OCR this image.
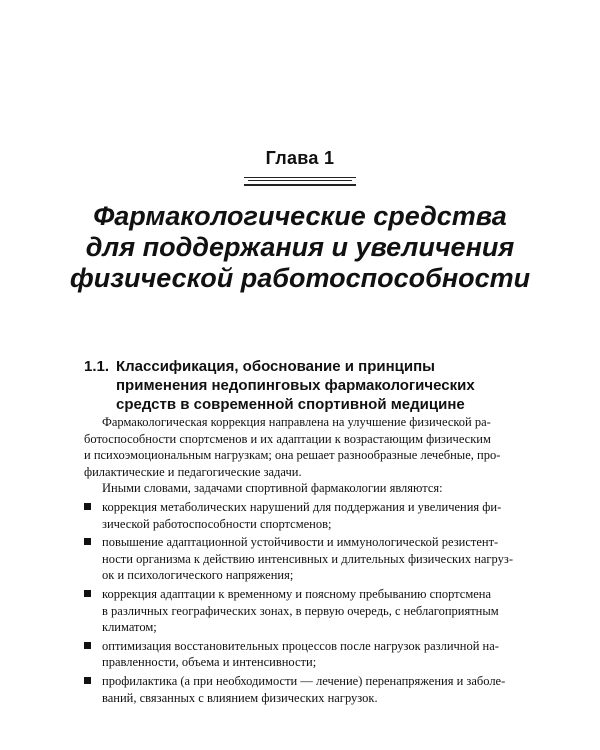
Глава 1
Фармакологические средства
для поддержания и увеличения
физической работоспособности
1.1. Классификация, обоснование и принципы
применения недопинговых фармакологических
средств в современной спортивной медицине

Фармакологическая коррекция направлена на улучшение физической ра-
ботоспособности спортсменов и их адаптации к возрастающим физическим
и психоэмоциональным нагрузкам; она решает разнообразные лечебные, про-
филактические и педагогические задачи.

Иными словами, задачами спортивной фармакологии являются:

коррекция метаболических нарушений для поддержания и увеличения фи-
зической работоспособности спортсменов;
повышение адаптационной устойчивости и иммунологической резистент-
ности организма к действию интенсивных и длительных физических нагруз-
ок и психологического напряжения;
коррекция адаптации к временному и поясному пребыванию спортсмена
в различных географических зонах, в первую очередь, с неблагоприятным
климатом;
оптимизация восстановительных процессов после нагрузок различной на-
правленности, объема и интенсивности;
профилактика (а при необходимости — лечение) перенапряжения и заболе-
ваний, связанных с влиянием физических нагрузок.
